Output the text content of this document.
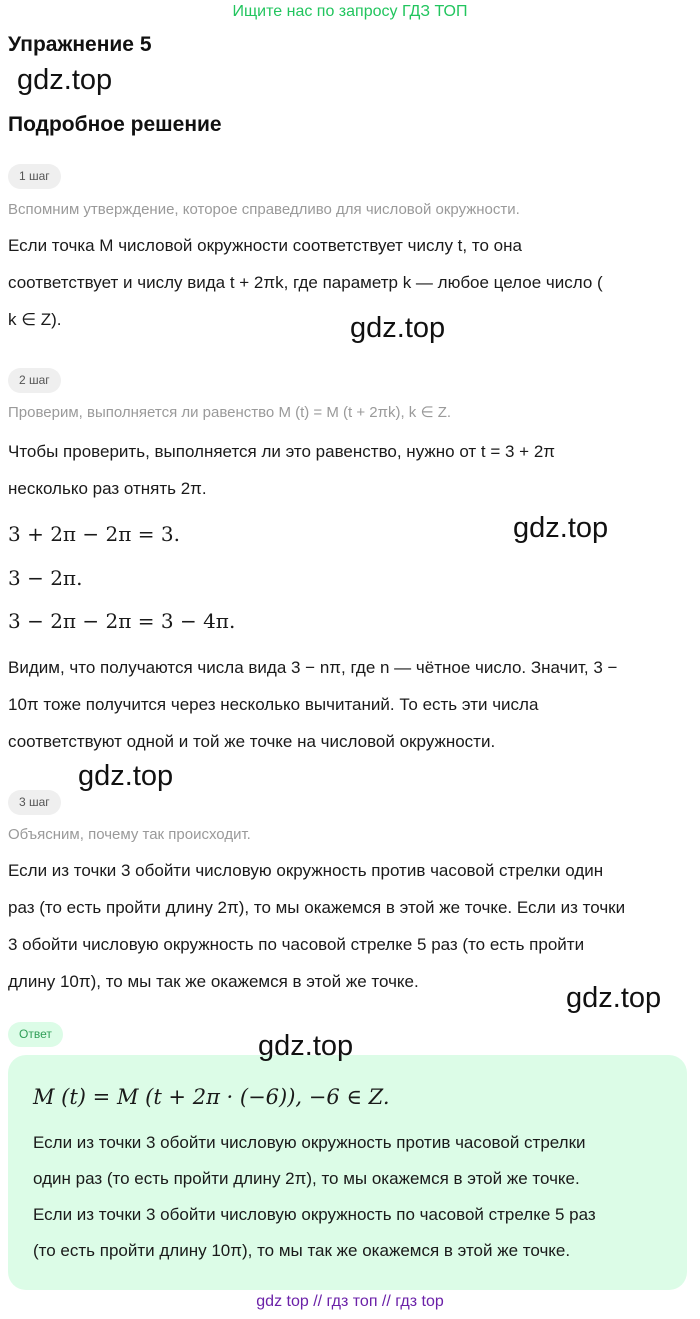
Ищите нас по запросу ГДЗ ТОП
Упражнение 5
gdz.top
Подробное решение
1 шаг
Вспомним утверждение, которое справедливо для числовой окружности.
Если точка M числовой окружности соответствует числу t, то она
соответствует и числу вида t + 2πk, где параметр k — любое целое число (
k ∈ Z).	gdz.top
2 шаг
Проверим, выполняется ли равенство M (t) = M (t + 2πk), k ∈ Z.
Чтобы проверить, выполняется ли это равенство, нужно от t = 3 + 2π
несколько раз отнять 2π.
3 + 2π − 2π = 3.
3 − 2π.
3 − 2π − 2π = 3 − 4π.
gdz.top
Видим, что получаются числа вида 3 − nπ, где n — чётное число. Значит, 3 −
10π тоже получится через несколько вычитаний. То есть эти числа
соответствуют одной и той же точке на числовой окружности.
gdz.top
3 шаг
Объясним, почему так происходит.
Если из точки 3 обойти числовую окружность против часовой стрелки один
раз (то есть пройти длину 2π), то мы окажемся в этой же точке. Если из точки
3 обойти числовую окружность по часовой стрелке 5 раз (то есть пройти
длину 10π), то мы так же окажемся в этой же точке.
gdz.top
Ответ
M (t) = M (t + 2π · (−6)), −6 ∈ Z.
Если из точки 3 обойти числовую окружность против часовой стрелки
один раз (то есть пройти длину 2π), то мы окажемся в этой же точке.
Если из точки 3 обойти числовую окружность по часовой стрелке 5 раз
(то есть пройти длину 10π), то мы так же окажемся в этой же точке.
gdz.top
gdz top // гдз топ // гдз top
